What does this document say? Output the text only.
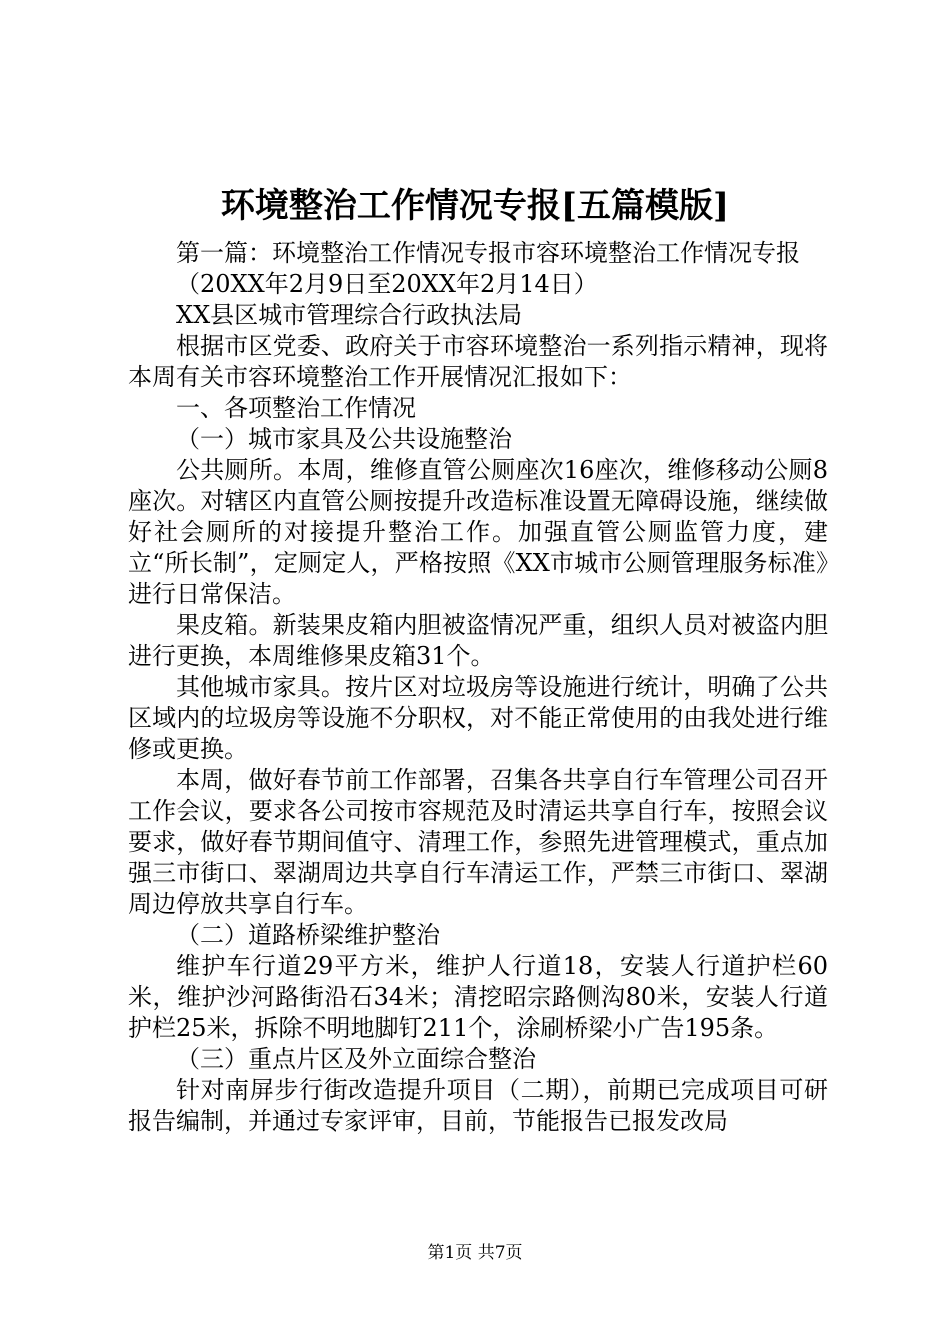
环境整治工作情况专报[五篇模版]

第一篇：环境整治工作情况专报市容环境整治工作情况专报

（20XX年2月9日至20XX年2月14日）

XX县区城市管理综合行政执法局

根据市区党委、政府关于市容环境整治一系列指示精神，现将本周有关市容环境整治工作开展情况汇报如下：

一、各项整治工作情况

（一）城市家具及公共设施整治

公共厕所。本周，维修直管公厕座次16座次，维修移动公厕8座次。对辖区内直管公厕按提升改造标准设置无障碍设施，继续做好社会厕所的对接提升整治工作。加强直管公厕监管力度，建立“所长制”，定厕定人，严格按照《XX市城市公厕管理服务标准》进行日常保洁。

果皮箱。新装果皮箱内胆被盗情况严重，组织人员对被盗内胆进行更换，本周维修果皮箱31个。

其他城市家具。按片区对垃圾房等设施进行统计，明确了公共区域内的垃圾房等设施不分职权，对不能正常使用的由我处进行维修或更换。

本周，做好春节前工作部署，召集各共享自行车管理公司召开工作会议，要求各公司按市容规范及时清运共享自行车，按照会议要求，做好春节期间值守、清理工作，参照先进管理模式，重点加强三市街口、翠湖周边共享自行车清运工作，严禁三市街口、翠湖周边停放共享自行车。

（二）道路桥梁维护整治

维护车行道29平方米，维护人行道18，安装人行道护栏60米，维护沙河路街沿石34米；清挖昭宗路侧沟80米，安装人行道护栏25米，拆除不明地脚钉211个，涂刷桥梁小广告195条。

（三）重点片区及外立面综合整治

针对南屏步行街改造提升项目（二期），前期已完成项目可研报告编制，并通过专家评审，目前，节能报告已报发改局

第1页 共7页
